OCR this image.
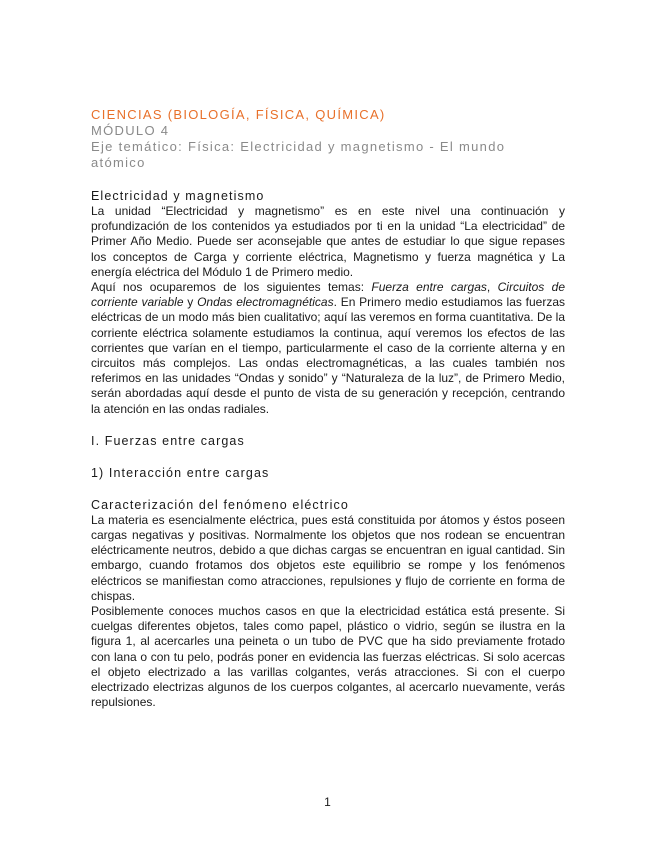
CIENCIAS (BIOLOGÍA, FÍSICA, QUÍMICA)

MÓDULO 4

Eje temático: Física: Electricidad y magnetismo - El mundo

atómico

Electricidad y magnetismo

La unidad “Electricidad y magnetismo” es en este nivel una continuación y profundización de los contenidos ya estudiados por ti en la unidad “La electricidad” de Primer Año Medio. Puede ser aconsejable que antes de estudiar lo que sigue repases los conceptos de Carga y corriente eléctrica, Magnetismo y fuerza magnética y La energía eléctrica del Módulo 1 de Primero medio.

Aquí nos ocuparemos de los siguientes temas: Fuerza entre cargas, Circuitos de corriente variable y Ondas electromagnéticas. En Primero medio estudiamos las fuerzas eléctricas de un modo más bien cualitativo; aquí las veremos en forma cuantitativa. De la corriente eléctrica solamente estudiamos la continua, aquí veremos los efectos de las corrientes que varían en el tiempo, particularmente el caso de la corriente alterna y en circuitos más complejos. Las ondas electromagnéticas, a las cuales también nos referimos en las unidades “Ondas y sonido” y “Naturaleza de la luz”, de Primero Medio, serán abordadas aquí desde el punto de vista de su generación y recepción, centrando la atención en las ondas radiales.

I. Fuerzas entre cargas

1) Interacción entre cargas

Caracterización del fenómeno eléctrico

La materia es esencialmente eléctrica, pues está constituida por átomos y éstos poseen cargas negativas y positivas. Normalmente los objetos que nos rodean se encuentran eléctricamente neutros, debido a que dichas cargas se encuentran en igual cantidad. Sin embargo, cuando frotamos dos objetos este equilibrio se rompe y los fenómenos eléctricos se manifiestan como atracciones, repulsiones y flujo de corriente en forma de chispas.

Posiblemente conoces muchos casos en que la electricidad estática está presente. Si cuelgas diferentes objetos, tales como papel, plástico o vidrio, según se ilustra en la figura 1, al acercarles una peineta o un tubo de PVC que ha sido previamente frotado con lana o con tu pelo, podrás poner en evidencia las fuerzas eléctricas. Si solo acercas el objeto electrizado a las varillas colgantes, verás atracciones. Si con el cuerpo electrizado electrizas algunos de los cuerpos colgantes, al acercarlo nuevamente, verás repulsiones.

1
